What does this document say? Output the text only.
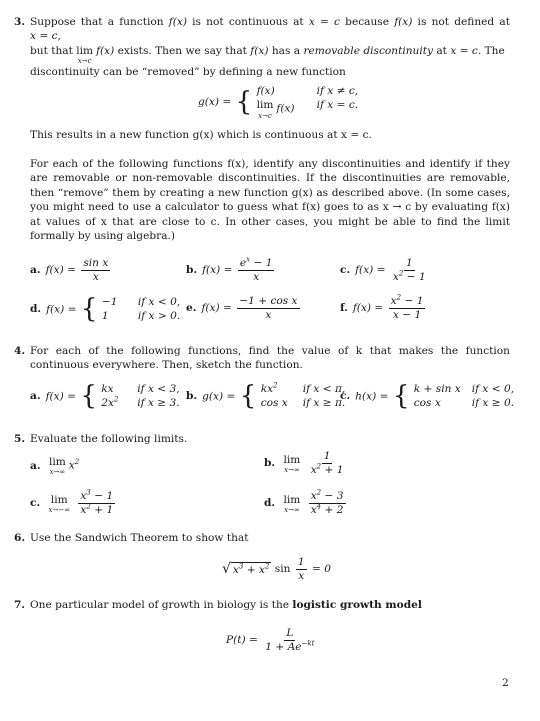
3. Suppose that a function f(x) is not continuous at x = c because f(x) is not defined at x = c,
but that lim
x→c
f(x) exists. Then we say that f(x) has a removable discontinuity at x = c. The
discontinuity can be “removed” by defining a new function
g(x) = { f(x)	if x ≠ c,
lim
x→c
f(x)	if x = c.
This results in a new function g(x) which is continuous at x = c.
For each of the following functions f(x), identify any discontinuities and identify if they are removable or non-removable discontinuities. If the discontinuities are removable, then “remove” them by creating a new function g(x) as described above. (In some cases, you might need to use a calculator to guess what f(x) goes to as x → c by evaluating f(x) at values of x that are close to c. In other cases, you might be able to find the limit formally by using algebra.)
a. $f(x) = \frac{\text{sin x}}{x}$	b. $f(x) = \frac{e^x - 1}{x}$	c. $f(x) = \frac{1}{x^2 - 1}$
d. f(x) = { −1	if x < 0,
1	if x > 0.
e. $f(x) = \frac{\text{−1 + cos x}}{x}$	f. $f(x) = \frac{x^2 - 1}{x - 1}$
4. For each of the following functions, find the value of k that makes the function continuous everywhere. Then, sketch the function.
a. f(x) = { kx	if x < 3,
$2x^2$	if x ≥ 3.
b. g(x) = { $kx^2$	if x < π,
cos x	if x ≥ π.
c. h(x) = { k + sin x if x < 0,
cos x	if x ≥ 0.
5. Evaluate the following limits.
a. lim
x→∞
$x^2$	b. lim
x→∞
$\frac{1}{x^2 + 1}$
c. lim
x→−∞
$\frac{x^3 - 1}{x^2 + 1}$	d. lim
x→∞
$\frac{x^2 - 3}{x^4 + 2}$
6. Use the Sandwich Theorem to show that
√ $x^3 + x^2$ $\sin \frac{1}{x} = 0$
7. One particular model of growth in biology is the logistic growth model
$P(t) = \frac{L}{1 + Ae^{-kt}}$
2
